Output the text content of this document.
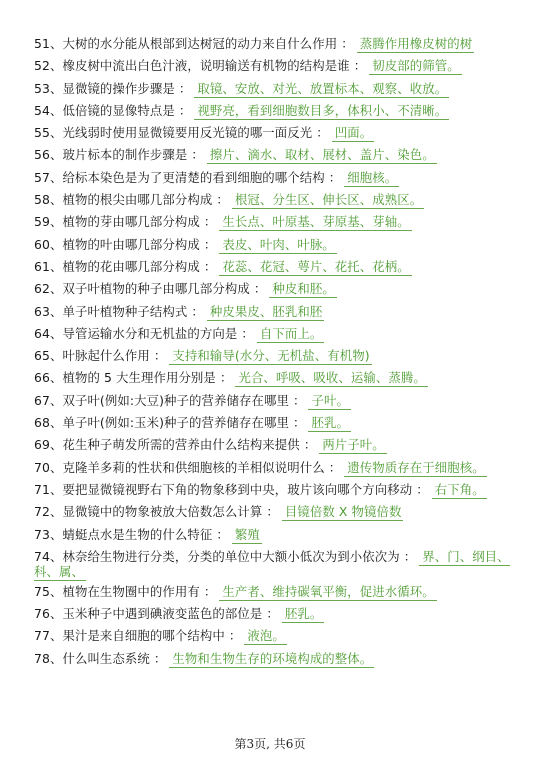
51、大树的水分能从根部到达树冠的动力来自什么作用 ： 蒸腾作用橡皮树的树
52、橡皮树中流出白色汁液，说明输送有机物的结构是谁 ： 韧皮部的筛管。
53、显微镜的操作步骤是 ： 取镜、安放、对光、放置标本、观察、收放。
54、低倍镜的显像特点是 ： 视野亮，看到细胞数目多，体积小、不清晰。
55、光线弱时使用显微镜要用反光镜的哪一面反光 ： 凹面。
56、玻片标本的制作步骤是 ： 擦片、滴水、取材、展材、盖片、染色。
57、给标本染色是为了更清楚的看到细胞的哪个结构 ： 细胞核。
58、植物的根尖由哪几部分构成 ： 根冠、分生区、伸长区、成熟区。
59、植物的芽由哪几部分构成 ： 生长点、叶原基、芽原基、芽轴。
60、植物的叶由哪几部分构成 ： 表皮、叶肉、叶脉。
61、植物的花由哪几部分构成 ： 花蕊、花冠、萼片、花托、花柄。
62、双子叶植物的种子由哪几部分构成 ： 种皮和胚。
63、单子叶植物种子结构式 ： 种皮果皮、胚乳和胚
64、导管运输水分和无机盐的方向是 ： 自下而上。
65、叶脉起什么作用 ： 支持和输导(水分、无机盐、有机物)
66、植物的 5 大生理作用分别是 ： 光合、呼吸、吸收、运输、蒸腾。
67、双子叶(例如:大豆)种子的营养储存在哪里 ： 子叶。
68、单子叶(例如:玉米)种子的营养储存在哪里 ： 胚乳。
69、花生种子萌发所需的营养由什么结构来提供 ： 两片子叶。
70、克隆羊多莉的性状和供细胞核的羊相似说明什么 ： 遗传物质存在于细胞核。
71、要把显微镜视野右下角的物象移到中央，玻片该向哪个方向移动 ： 右下角。
72、显微镜中的物象被放大倍数怎么计算 ： 目镜倍数 X 物镜倍数
73、蜻蜓点水是生物的什么特征 ： 繁殖
74、林奈给生物进行分类，分类的单位中大额小低次为到小依次为 ： 界、门、纲目、科、属、
75、植物在生物圈中的作用有 ： 生产者、维持碳氧平衡，促进水循环。
76、玉米种子中遇到碘液变蓝色的部位是 ： 胚乳。
77、果汁是来自细胞的哪个结构中 ： 液泡。
78、什么叫生态系统 ： 生物和生物生存的环境构成的整体。
第3页, 共6页
